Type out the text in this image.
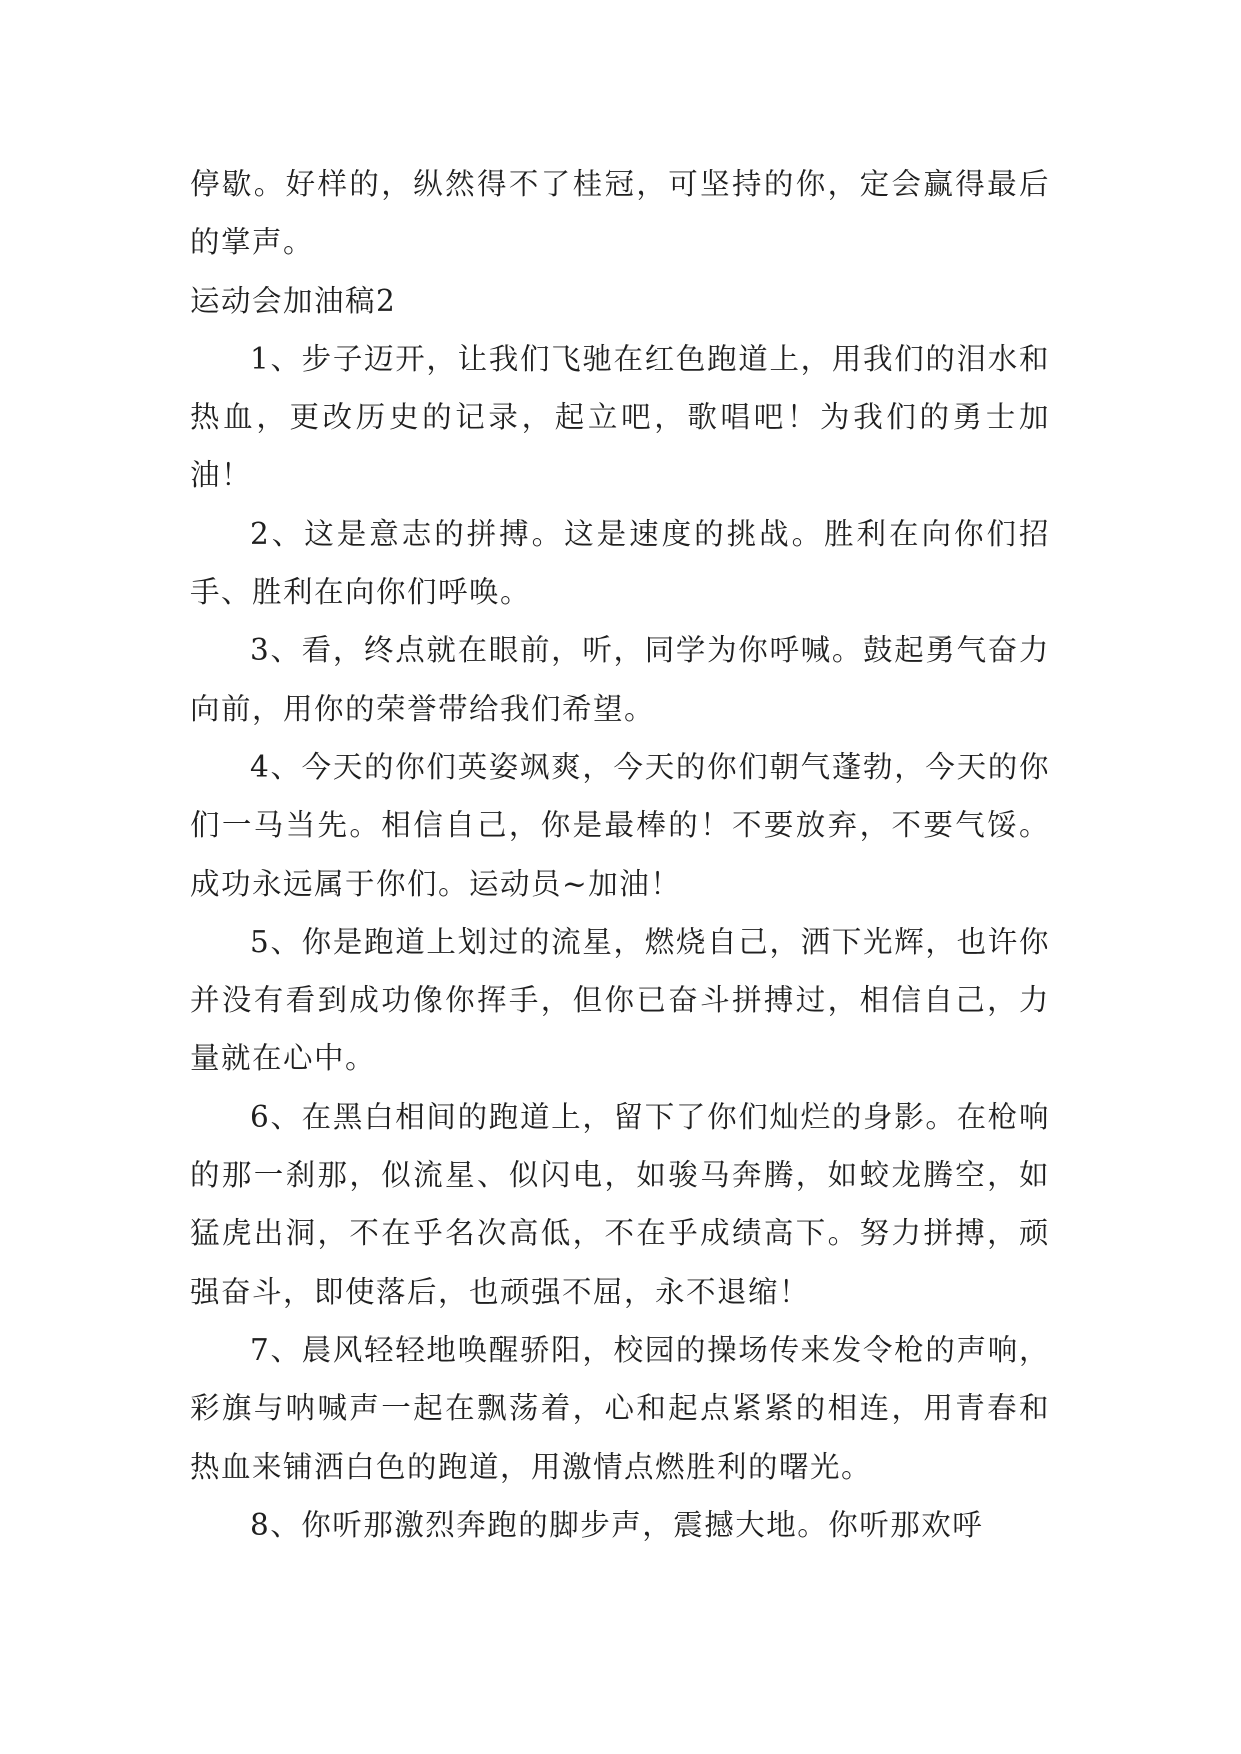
停歇。好样的，纵然得不了桂冠，可坚持的你，定会赢得最后的掌声。

运动会加油稿2

1、步子迈开，让我们飞驰在红色跑道上，用我们的泪水和热血，更改历史的记录，起立吧，歌唱吧！为我们的勇士加油！

2、这是意志的拼搏。这是速度的挑战。胜利在向你们招手、胜利在向你们呼唤。

3、看，终点就在眼前，听，同学为你呼喊。鼓起勇气奋力向前，用你的荣誉带给我们希望。

4、今天的你们英姿飒爽，今天的你们朝气蓬勃，今天的你们一马当先。相信自己，你是最棒的！不要放弃，不要气馁。成功永远属于你们。运动员~加油！

5、你是跑道上划过的流星，燃烧自己，洒下光辉，也许你并没有看到成功像你挥手，但你已奋斗拼搏过，相信自己，力量就在心中。

6、在黑白相间的跑道上，留下了你们灿烂的身影。在枪响的那一刹那，似流星、似闪电，如骏马奔腾，如蛟龙腾空，如猛虎出洞，不在乎名次高低，不在乎成绩高下。努力拼搏，顽强奋斗，即使落后，也顽强不屈，永不退缩！

7、晨风轻轻地唤醒骄阳，校园的操场传来发令枪的声响，彩旗与呐喊声一起在飘荡着，心和起点紧紧的相连，用青春和热血来铺洒白色的跑道，用激情点燃胜利的曙光。

8、你听那激烈奔跑的脚步声，震撼大地。你听那欢呼
